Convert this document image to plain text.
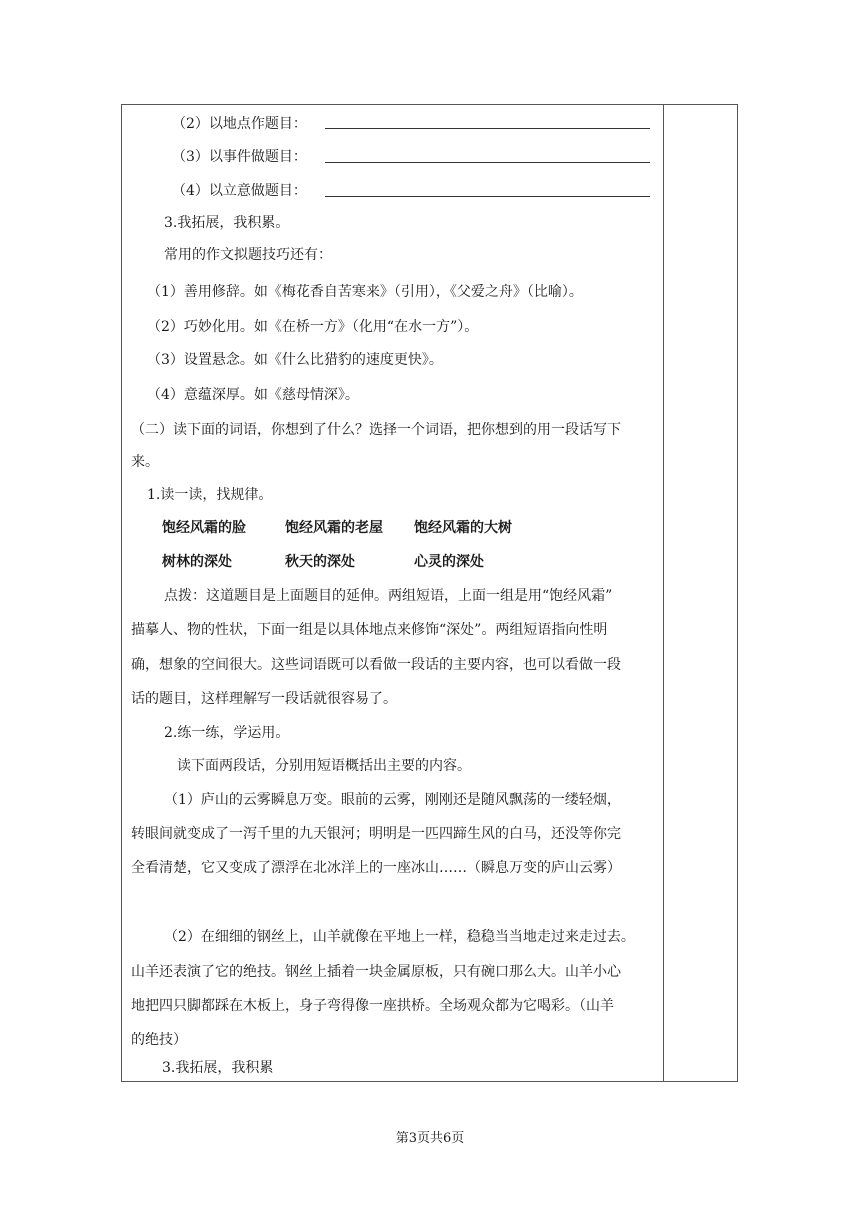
（2）以地点作题目：
（3）以事件做题目：
（4）以立意做题目：
3.我拓展，我积累。
常用的作文拟题技巧还有：
（1）善用修辞。如《梅花香自苦寒来》（引用），《父爱之舟》（比喻）。
（2）巧妙化用。如《在桥一方》（化用“在水一方”）。
（3）设置悬念。如《什么比猎豹的速度更快》。
（4）意蕴深厚。如《慈母情深》。
（二）读下面的词语，你想到了什么？选择一个词语，把你想到的用一段话写下
来。
1.读一读，找规律。
饱经风霜的脸	饱经风霜的老屋 饱经风霜的大树
树林的深处	秋天的深处	心灵的深处
点拨：这道题目是上面题目的延伸。两组短语，上面一组是用“饱经风霜”
描摹人、物的性状，下面一组是以具体地点来修饰“深处”。两组短语指向性明
确，想象的空间很大。这些词语既可以看做一段话的主要内容，也可以看做一段
话的题目，这样理解写一段话就很容易了。
2.练一练，学运用。
读下面两段话，分别用短语概括出主要的内容。
（1）庐山的云雾瞬息万变。眼前的云雾，刚刚还是随风飘荡的一缕轻烟，
转眼间就变成了一泻千里的九天银河；明明是一匹四蹄生风的白马，还没等你完
全看清楚，它又变成了漂浮在北冰洋上的一座冰山……（瞬息万变的庐山云雾）
（2）在细细的钢丝上，山羊就像在平地上一样，稳稳当当地走过来走过去。
山羊还表演了它的绝技。钢丝上插着一块金属原板，只有碗口那么大。山羊小心
地把四只脚都踩在木板上，身子弯得像一座拱桥。全场观众都为它喝彩。（山羊
的绝技）
3.我拓展，我积累
第3页共6页
